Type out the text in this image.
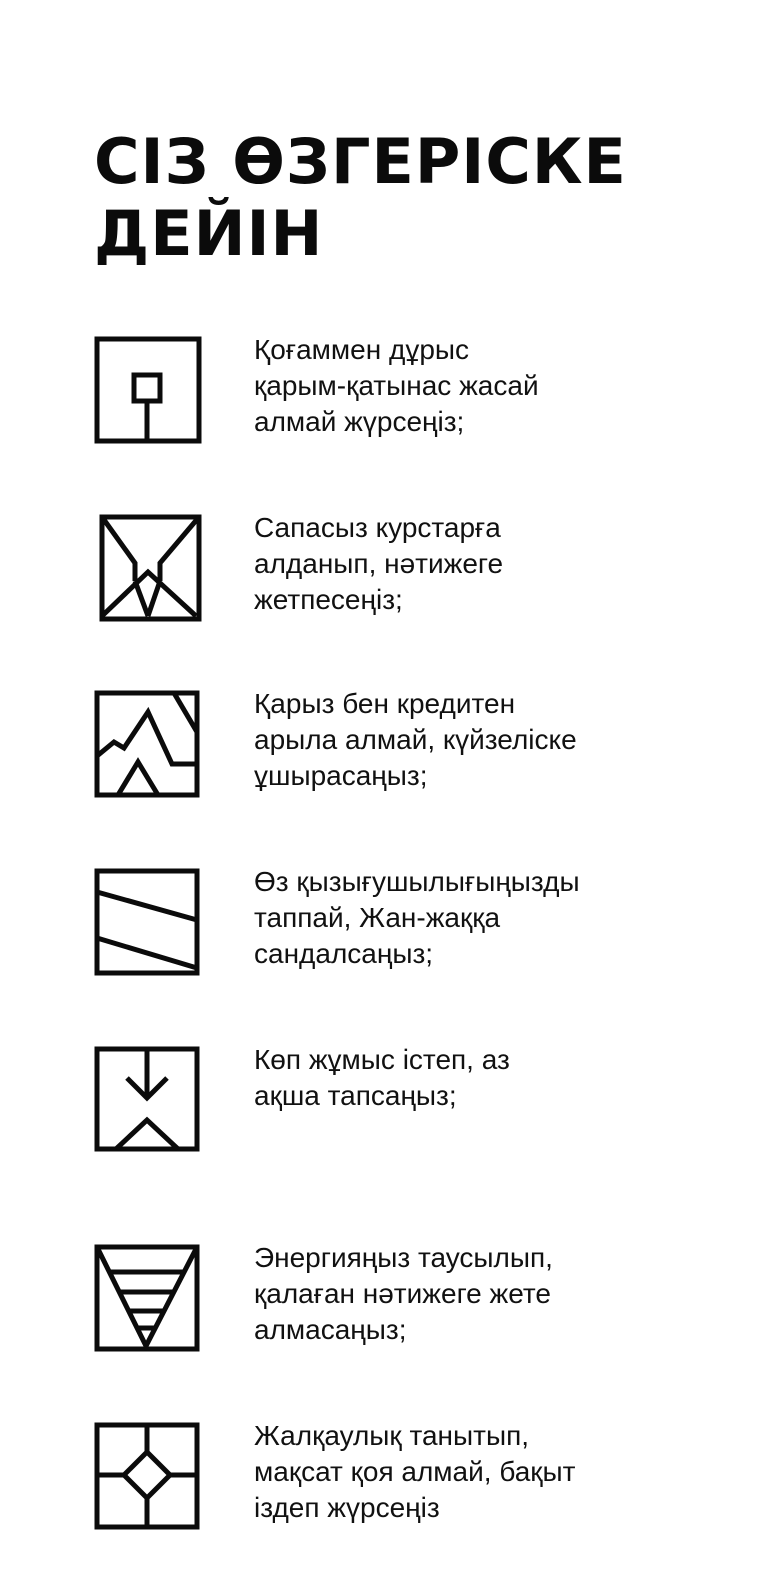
СІЗ ӨЗГЕРІСКЕ
ДЕЙІН

Қоғаммен дұрыс
қарым-қатынас жасай
алмай жүрсеңіз;

Сапасыз курстарға
алданып, нәтижеге
жетпесеңіз;

Қарыз бен кредитен
арыла алмай, күйзеліске
ұшырасаңыз;

Өз қызығушылығыңызды
таппай, Жан-жаққа
сандалсаңыз;

Көп жұмыс істеп, аз
ақша тапсаңыз;

Энергияңыз таусылып,
қалаған нәтижеге жете
алмасаңыз;

Жалқаулық танытып,
мақсат қоя алмай, бақыт
іздеп жүрсеңіз
